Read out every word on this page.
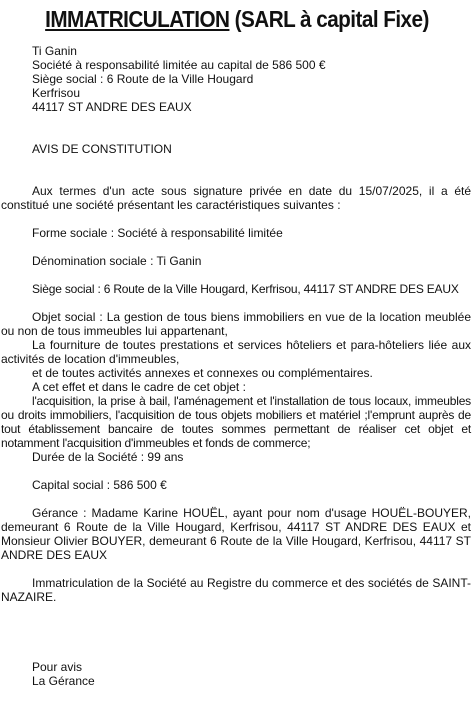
IMMATRICULATION (SARL à capital Fixe)
Ti Ganin
Société à responsabilité limitée au capital de 586 500 €
Siège social : 6 Route de la Ville Hougard
Kerfrisou
44117 ST ANDRE DES EAUX

AVIS DE CONSTITUTION

Aux termes d'un acte sous signature privée en date du 15/07/2025, il a été constitué une société présentant les caractéristiques suivantes :

Forme sociale : Société à responsabilité limitée

Dénomination sociale : Ti Ganin

Siège social : 6 Route de la Ville Hougard, Kerfrisou, 44117 ST ANDRE DES EAUX

Objet social : La gestion de tous biens immobiliers en vue de la location meublée ou non de tous immeubles lui appartenant,

La fourniture de toutes prestations et services hôteliers et para-hôteliers liée aux activités de location d'immeubles,

et de toutes activités annexes et connexes ou complémentaires.

A cet effet et dans le cadre de cet objet :

l'acquisition, la prise à bail, l'aménagement et l'installation de tous locaux, immeubles ou droits immobiliers, l'acquisition de tous objets mobiliers et matériel ;l'emprunt auprès de tout établissement bancaire de toutes sommes permettant de réaliser cet objet et notamment l'acquisition d'immeubles et fonds de commerce;

Durée de la Société : 99 ans

Capital social : 586 500 €

Gérance : Madame Karine HOUËL, ayant pour nom d'usage HOUËL-BOUYER, demeurant 6 Route de la Ville Hougard, Kerfrisou, 44117 ST ANDRE DES EAUX et Monsieur Olivier BOUYER, demeurant 6 Route de la Ville Hougard, Kerfrisou, 44117 ST ANDRE DES EAUX

Immatriculation de la Société au Registre du commerce et des sociétés de SAINT-NAZAIRE.

Pour avis

La Gérance
